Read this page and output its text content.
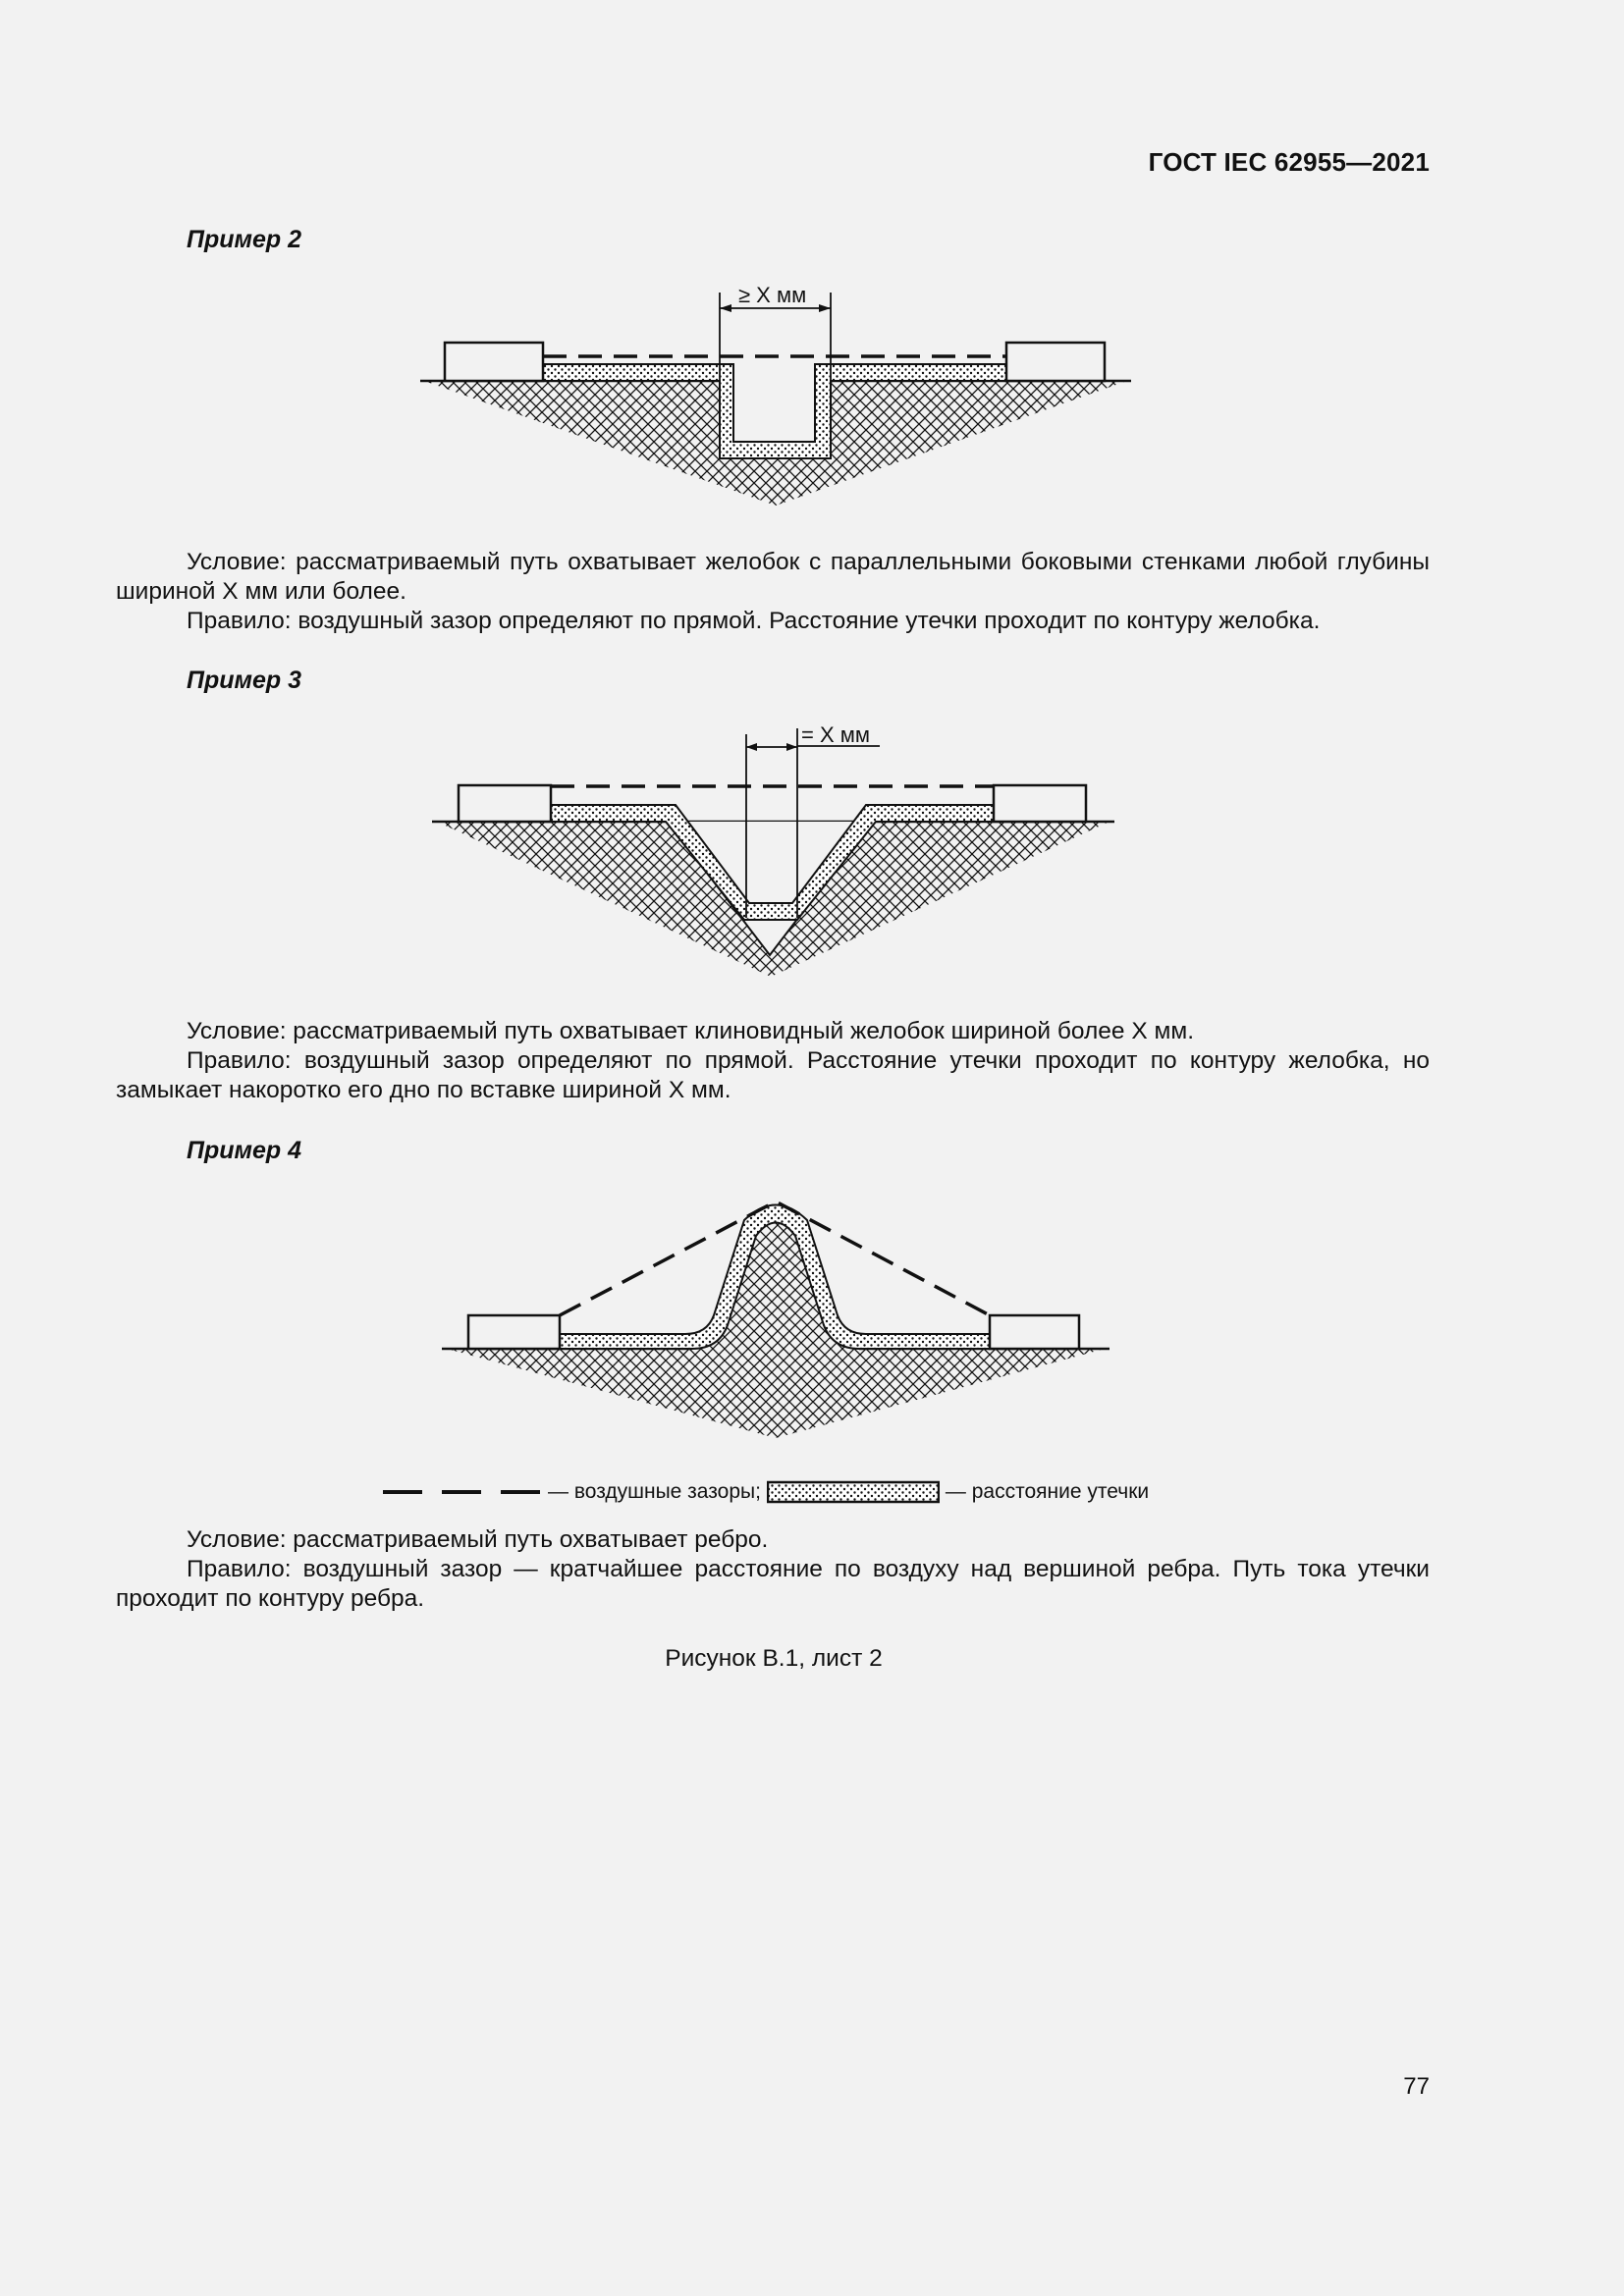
ГОСТ IEC 62955—2021
Пример 2
≥ X мм
Условие: рассматриваемый путь охватывает желобок с параллельными боковыми стенками любой глубины
шириной X мм или более.
Правило: воздушный зазор определяют по прямой. Расстояние утечки проходит по контуру желобка.
Пример 3
= X мм
Условие: рассматриваемый путь охватывает клиновидный желобок шириной более X мм.
Правило: воздушный зазор определяют по прямой. Расстояние утечки проходит по контуру желобка, но
замыкает накоротко его дно по вставке шириной X мм.
Пример 4
— воздушные зазоры;	— расстояние утечки
Условие: рассматриваемый путь охватывает ребро.
Правило: воздушный зазор — кратчайшее расстояние по воздуху над вершиной ребра. Путь тока утечки
проходит по контуру ребра.
Рисунок В.1, лист 2
77
